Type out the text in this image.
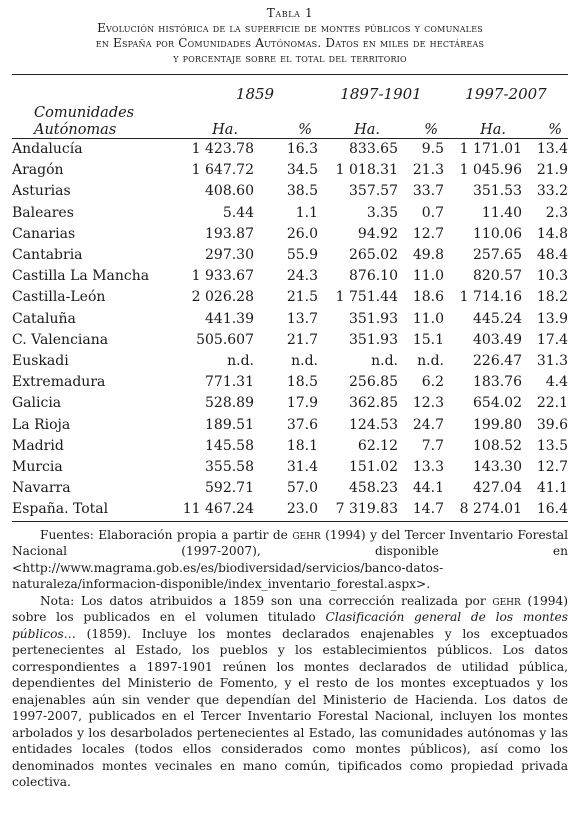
Tabla 1
Evolución histórica de la superficie de montes públicos y comunales
en España por Comunidades Autónomas. Datos en miles de hectáreas
y porcentaje sobre el total del territorio
	1859		1897-1901		1997-2007	
Comunidades						
Autónomas	Ha.	%	Ha.	%	Ha.	%
Andalucía	1 423.78	16.3	833.65	9.5	1 171.01	13.4
Aragón	1 647.72	34.5	1 018.31	21.3	1 045.96	21.9
Asturias	408.60	38.5	357.57	33.7	351.53	33.2
Baleares	5.44	1.1	3.35	0.7	11.40	2.3
Canarias	193.87	26.0	94.92	12.7	110.06	14.8
Cantabria	297.30	55.9	265.02	49.8	257.65	48.4
Castilla La Mancha	1 933.67	24.3	876.10	11.0	820.57	10.3
Castilla-León	2 026.28	21.5	1 751.44	18.6	1 714.16	18.2
Cataluña	441.39	13.7	351.93	11.0	445.24	13.9
C. Valenciana	505.607	21.7	351.93	15.1	403.49	17.4
Euskadi	n.d.	n.d.	n.d.	n.d.	226.47	31.3
Extremadura	771.31	18.5	256.85	6.2	183.76	4.4
Galicia	528.89	17.9	362.85	12.3	654.02	22.1
La Rioja	189.51	37.6	124.53	24.7	199.80	39.6
Madrid	145.58	18.1	62.12	7.7	108.52	13.5
Murcia	355.58	31.4	151.02	13.3	143.30	12.7
Navarra	592.71	57.0	458.23	44.1	427.04	41.1
España. Total	11 467.24	23.0	7 319.83	14.7	8 274.01	16.4

Fuentes: Elaboración propia a partir de gehr (1994) y del Tercer Inventario Forestal Nacional (1997-2007), disponible en <http://www.magrama.gob.es/es/biodiversidad/servicios/banco-datos-naturaleza/informacion-disponible/index_inventario_forestal.aspx>.

Nota: Los datos atribuidos a 1859 son una corrección realizada por gehr (1994) sobre los publicados en el volumen titulado Clasificación general de los montes públicos… (1859). Incluye los montes declarados enajenables y los exceptuados pertenecientes al Estado, los pueblos y los establecimientos públicos. Los datos correspondientes a 1897-1901 reúnen los montes declarados de utilidad pública, dependientes del Ministerio de Fomento, y el resto de los montes exceptuados y los enajenables aún sin vender que dependían del Ministerio de Hacienda. Los datos de 1997-2007, publicados en el Tercer Inventario Forestal Nacional, incluyen los montes arbolados y los desarbolados pertenecientes al Estado, las comunidades autónomas y las entidades locales (todos ellos considerados como montes públicos), así como los denominados montes vecinales en mano común, tipificados como propiedad privada colectiva.
